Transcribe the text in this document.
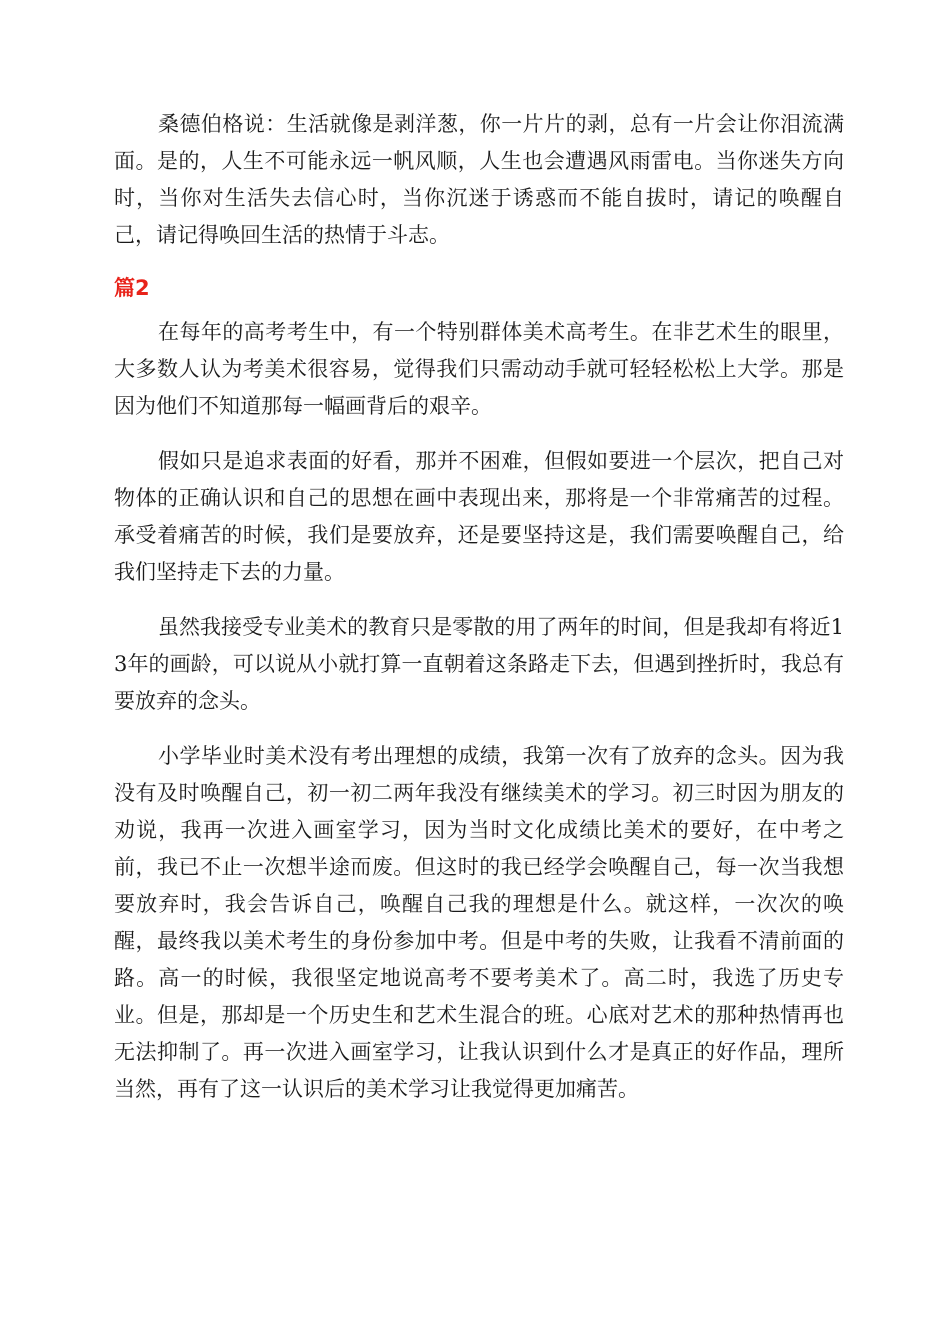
桑德伯格说：生活就像是剥洋葱，你一片片的剥，总有一片会让你泪流满面。是的，人生不可能永远一帆风顺，人生也会遭遇风雨雷电。当你迷失方向时，当你对生活失去信心时，当你沉迷于诱惑而不能自拔时，请记的唤醒自己，请记得唤回生活的热情于斗志。

篇2

在每年的高考考生中，有一个特别群体美术高考生。在非艺术生的眼里，大多数人认为考美术很容易，觉得我们只需动动手就可轻轻松松上大学。那是因为他们不知道那每一幅画背后的艰辛。

假如只是追求表面的好看，那并不困难，但假如要进一个层次，把自己对物体的正确认识和自己的思想在画中表现出来，那将是一个非常痛苦的过程。承受着痛苦的时候，我们是要放弃，还是要坚持这是，我们需要唤醒自己，给我们坚持走下去的力量。

虽然我接受专业美术的教育只是零散的用了两年的时间，但是我却有将近13年的画龄，可以说从小就打算一直朝着这条路走下去，但遇到挫折时，我总有要放弃的念头。

小学毕业时美术没有考出理想的成绩，我第一次有了放弃的念头。因为我没有及时唤醒自己，初一初二两年我没有继续美术的学习。初三时因为朋友的劝说，我再一次进入画室学习，因为当时文化成绩比美术的要好，在中考之前，我已不止一次想半途而废。但这时的我已经学会唤醒自己，每一次当我想要放弃时，我会告诉自己，唤醒自己我的理想是什么。就这样，一次次的唤醒，最终我以美术考生的身份参加中考。但是中考的失败，让我看不清前面的路。高一的时候，我很坚定地说高考不要考美术了。高二时，我选了历史专业。但是，那却是一个历史生和艺术生混合的班。心底对艺术的那种热情再也无法抑制了。再一次进入画室学习，让我认识到什么才是真正的好作品，理所当然，再有了这一认识后的美术学习让我觉得更加痛苦。
